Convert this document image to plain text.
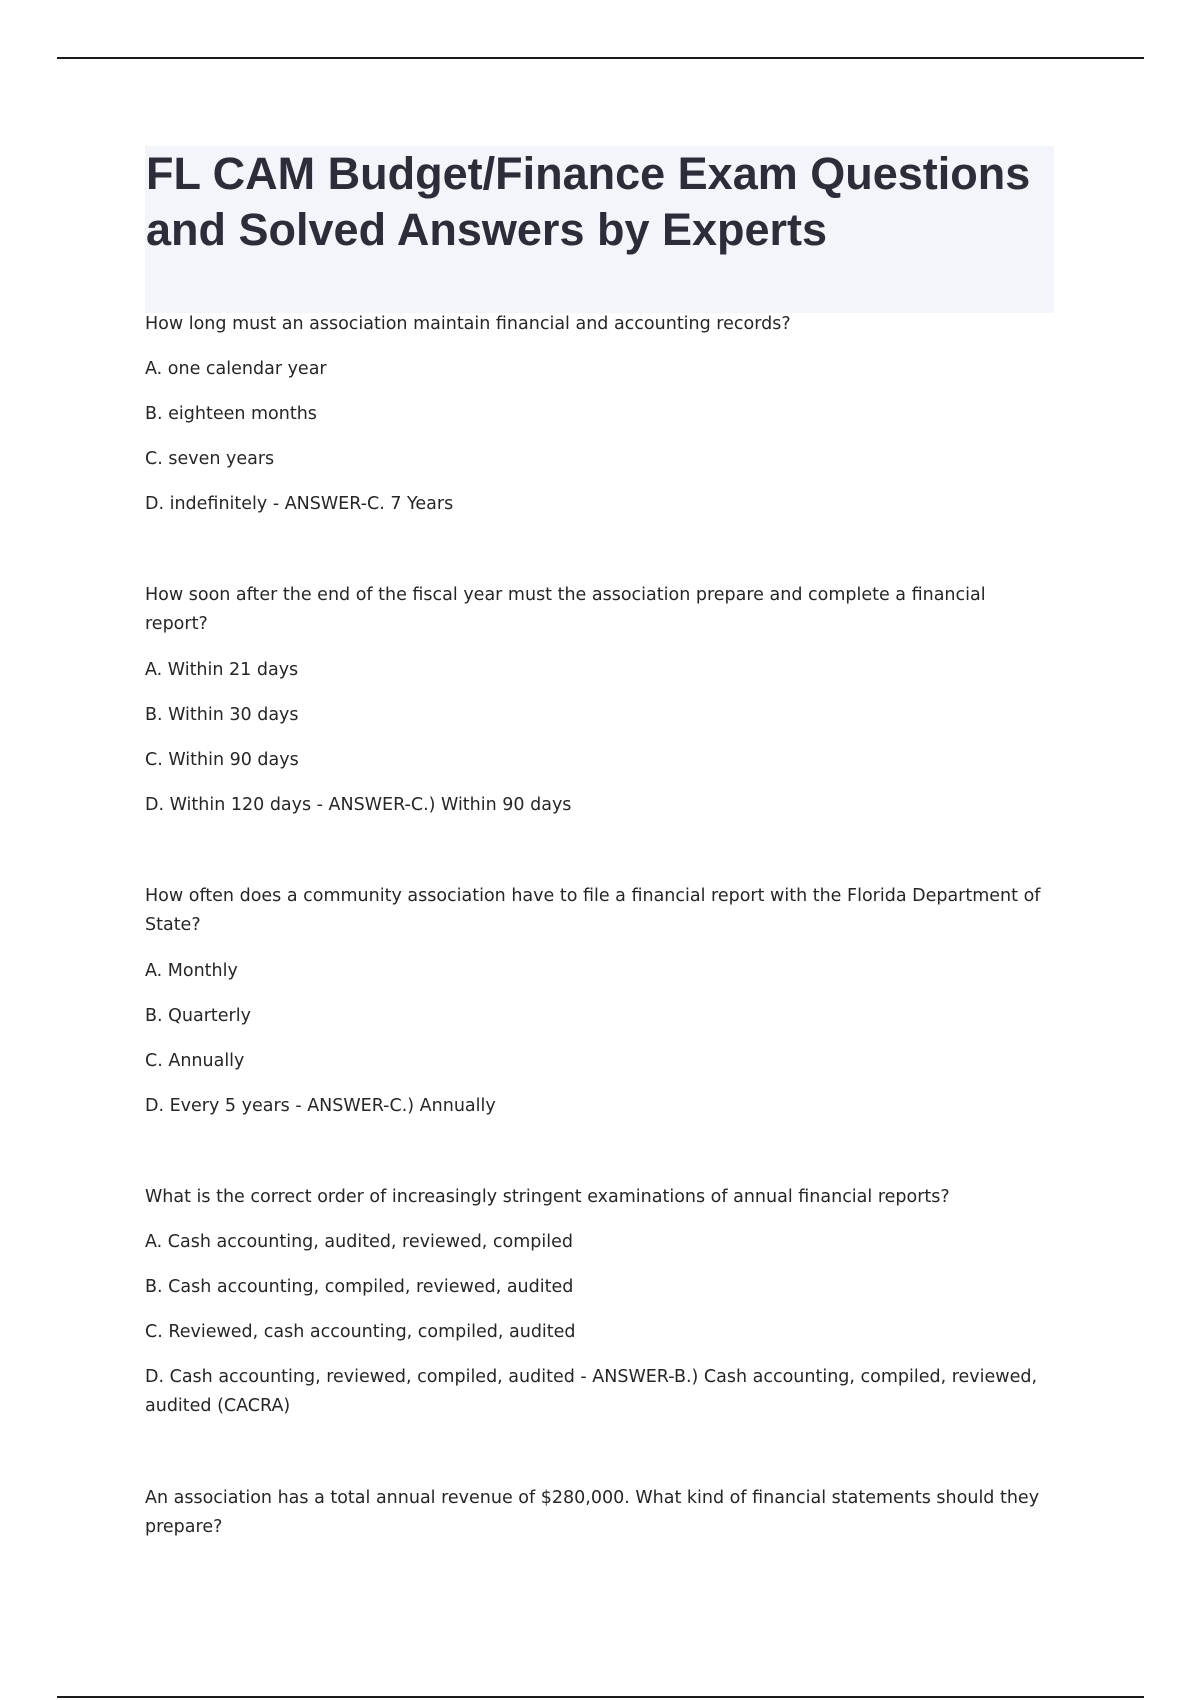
FL CAM Budget/Finance Exam Questions and Solved Answers by Experts

How long must an association maintain financial and accounting records?

A. one calendar year

B. eighteen months

C. seven years

D. indefinitely - ANSWER-C. 7 Years

How soon after the end of the fiscal year must the association prepare and complete a financial report?

A. Within 21 days

B. Within 30 days

C. Within 90 days

D. Within 120 days - ANSWER-C.) Within 90 days

How often does a community association have to file a financial report with the Florida Department of State?

A. Monthly

B. Quarterly

C. Annually

D. Every 5 years - ANSWER-C.) Annually

What is the correct order of increasingly stringent examinations of annual financial reports?

A. Cash accounting, audited, reviewed, compiled

B. Cash accounting, compiled, reviewed, audited

C. Reviewed, cash accounting, compiled, audited

D. Cash accounting, reviewed, compiled, audited - ANSWER-B.) Cash accounting, compiled, reviewed, audited (CACRA)

An association has a total annual revenue of $280,000. What kind of financial statements should they prepare?
